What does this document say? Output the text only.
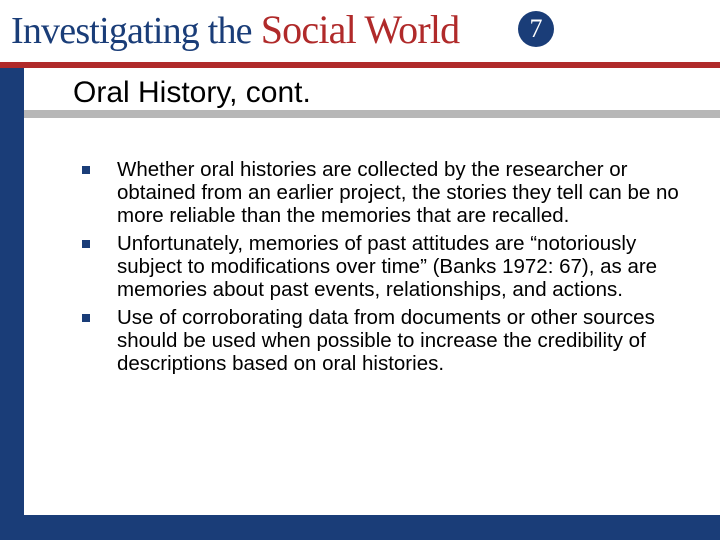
Investigating the Social World	7
Oral History, cont.
Whether oral histories are collected by the researcher or obtained from an earlier project, the stories they tell can be no more reliable than the memories that are recalled.
Unfortunately, memories of past attitudes are “notoriously subject to modifications over time” (Banks 1972: 67), as are memories about past events, relationships, and actions.
Use of corroborating data from documents or other sources should be used when possible to increase the credibility of descriptions based on oral histories.
